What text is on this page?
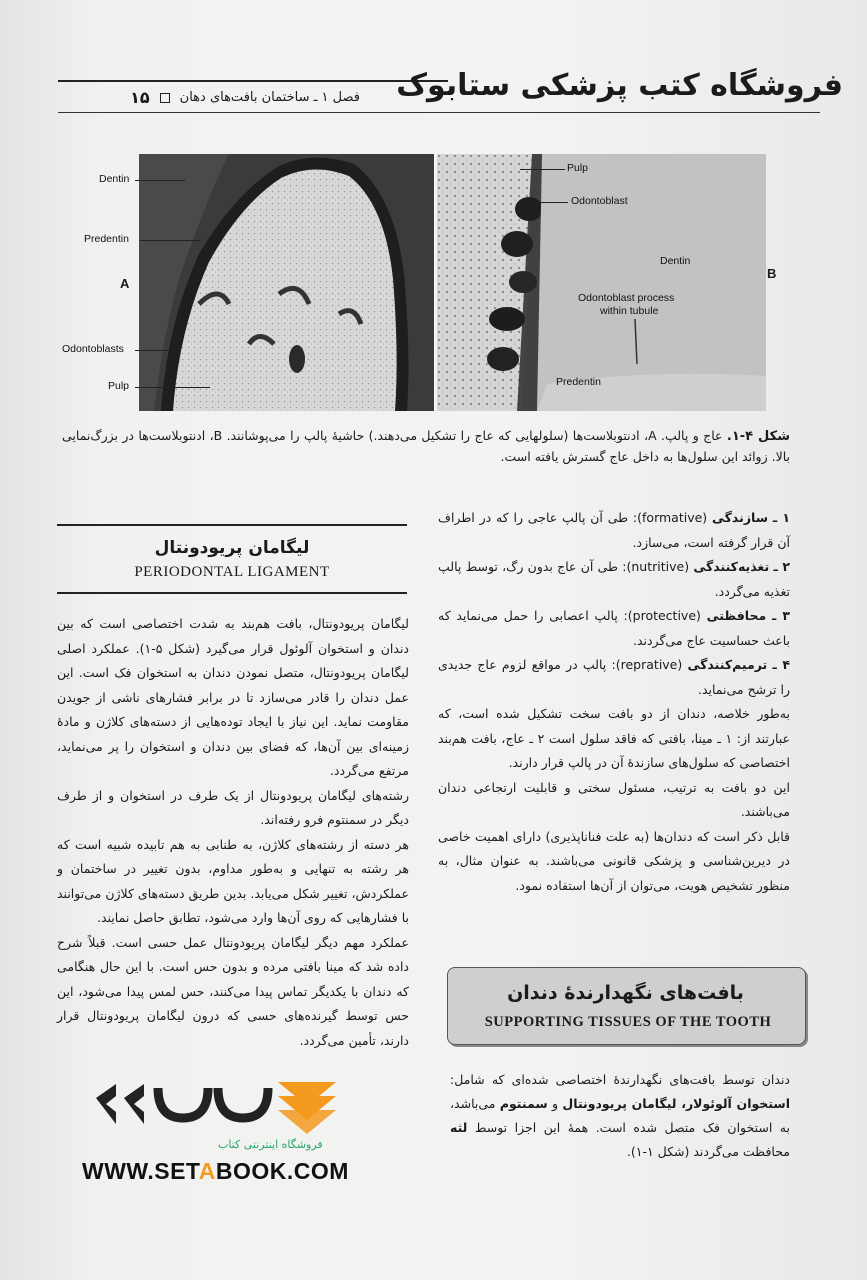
فروشگاه کتب پزشکی ستابوک
فصل ۱ ـ ساختمان بافت‌های دهان
۱۵
Dentin
Predentin
A
Odontoblasts
Pulp
Pulp
Odontoblast
Dentin
B
Odontoblast process
within tubule
Predentin
شکل ۴-۱. عاج و پالپ. A، ادنتوبلاست‌ها (سلولهایی که عاج را تشکیل می‌دهند.) حاشیهٔ پالپ را می‌پوشانند. B، ادنتوبلاست‌ها در بزرگ‌نمایی بالا. زوائد این سلول‌ها به داخل عاج گسترش یافته است.

۱ ـ سازندگی (formative): طی آن پالپ عاجی را که در اطراف آن قرار گرفته است، می‌سازد.

۲ ـ تغذیه‌کنندگی (nutritive): طی آن عاج بدون رگ، توسط پالپ تغذیه می‌گردد.

۳ ـ محافظتی (protective): پالپ اعصابی را حمل می‌نماید که باعث حساسیت عاج می‌گردند.

۴ ـ ترمیم‌کنندگی (reprative): پالپ در مواقع لزوم عاج جدیدی را ترشح می‌نماید.

به‌طور خلاصه، دندان از دو بافت سخت تشکیل شده است، که عبارتند از: ۱ ـ مینا، بافتی که فاقد سلول است ۲ ـ عاج، بافت هم‌بند اختصاصی که سلول‌های سازندهٔ آن در پالپ قرار دارند.

این دو بافت به ترتیب، مسئول سختی و قابلیت ارتجاعی دندان می‌باشند.

قابل ذکر است که دندان‌ها (به علت فناناپذیری) دارای اهمیت خاصی در دیرین‌شناسی و پزشکی قانونی می‌باشند. به عنوان مثال، به منظور تشخیص هویت، می‌توان از آن‌ها استفاده نمود.

بافت‌های نگهدارندهٔ دندان
SUPPORTING TISSUES OF THE TOOTH

دندان توسط بافت‌های نگهدارندهٔ اختصاصی شده‌ای که شامل: استخوان آلوئولار، لیگامان پریودونتال و سمنتوم می‌باشد، به استخوان فک متصل شده است. همهٔ این اجزا توسط لثه محافظت می‌گردند (شکل ۱-۱).

لیگامان پریودونتال
PERIODONTAL LIGAMENT

لیگامان پریودونتال، بافت هم‌بند به شدت اختصاصی است که بین دندان و استخوان آلوئول قرار می‌گیرد (شکل ۵-۱). عملکرد اصلی لیگامان پریودونتال، متصل نمودن دندان به استخوان فک است. این عمل دندان را قادر می‌سازد تا در برابر فشارهای ناشی از جویدن مقاومت نماید. این نیاز با ایجاد توده‌هایی از دسته‌های کلاژن و مادهٔ زمینه‌ای بین آن‌ها، که فضای بین دندان و استخوان را پر می‌نماید، مرتفع می‌گردد.

رشته‌های لیگامان پریودونتال از یک طرف در استخوان و از طرف دیگر در سمنتوم فرو رفته‌اند.

هر دسته از رشته‌های کلاژن، به طنابی به هم تابیده شبیه است که هر رشته به تنهایی و به‌طور مداوم، بدون تغییر در ساختمان و عملکردش، تغییر شکل می‌یابد. بدین طریق دسته‌های کلاژن می‌توانند با فشارهایی که روی آن‌ها وارد می‌شود، تطابق حاصل نمایند.

عملکرد مهم دیگر لیگامان پریودونتال عمل حسی است. قبلاً شرح داده شد که مینا بافتی مرده و بدون حس است. با این حال هنگامی که دندان با یکدیگر تماس پیدا می‌کنند، حس لمس پیدا می‌شود، این حس توسط گیرنده‌های حسی که درون لیگامان پریودونتال قرار دارند، تأمین می‌گردد.

فروشگاه اینترنتی کتاب
WWW.SETABOOK.COM
